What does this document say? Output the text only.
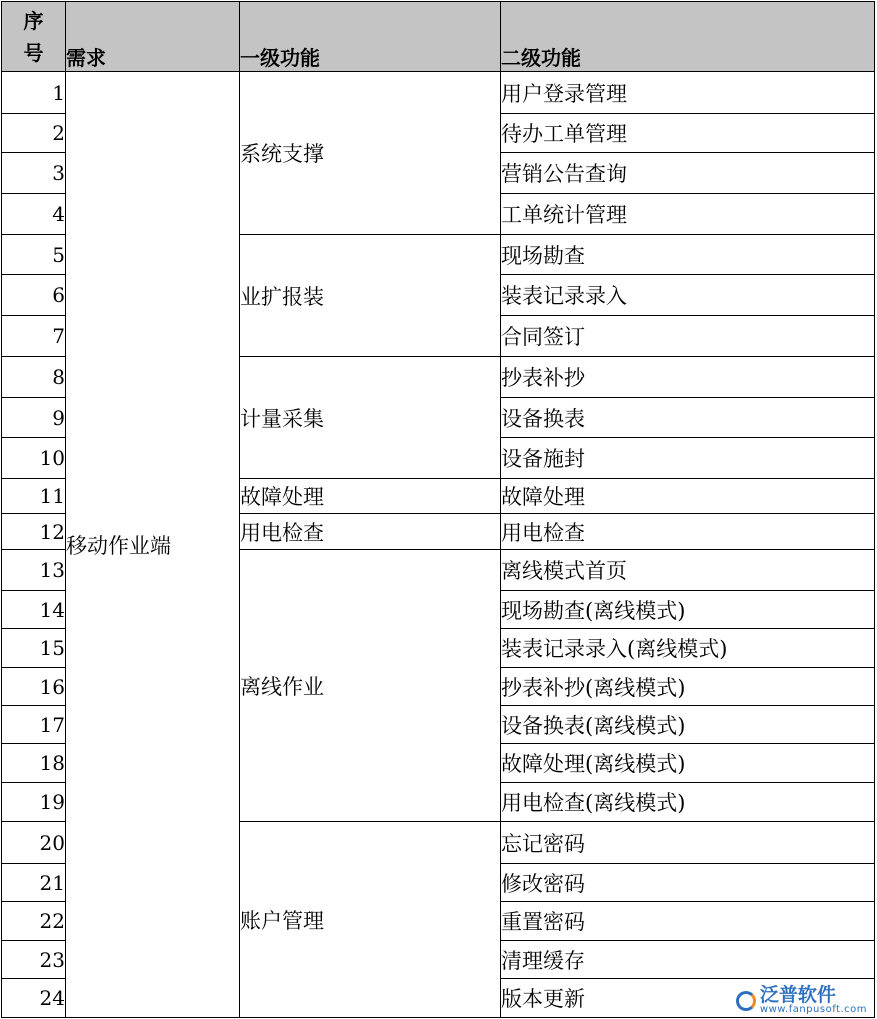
序
号	需求	一级功能	二级功能
1	移动作业端	系统支撑	用户登录管理
2			待办工单管理
3			营销公告查询
4			工单统计管理
5		业扩报装	现场勘查
6			装表记录录入
7			合同签订
8		计量采集	抄表补抄
9			设备换表
10			设备施封
11		故障处理	故障处理
12		用电检查	用电检查
13		离线作业	离线模式首页
14			现场勘查(离线模式)
15			装表记录录入(离线模式)
16			抄表补抄(离线模式)
17			设备换表(离线模式)
18			故障处理(离线模式)
19			用电检查(离线模式)
20		账户管理	忘记密码
21			修改密码
22			重置密码
23			清理缓存
24			版本更新	泛普软件
www.fanpusoft.com
